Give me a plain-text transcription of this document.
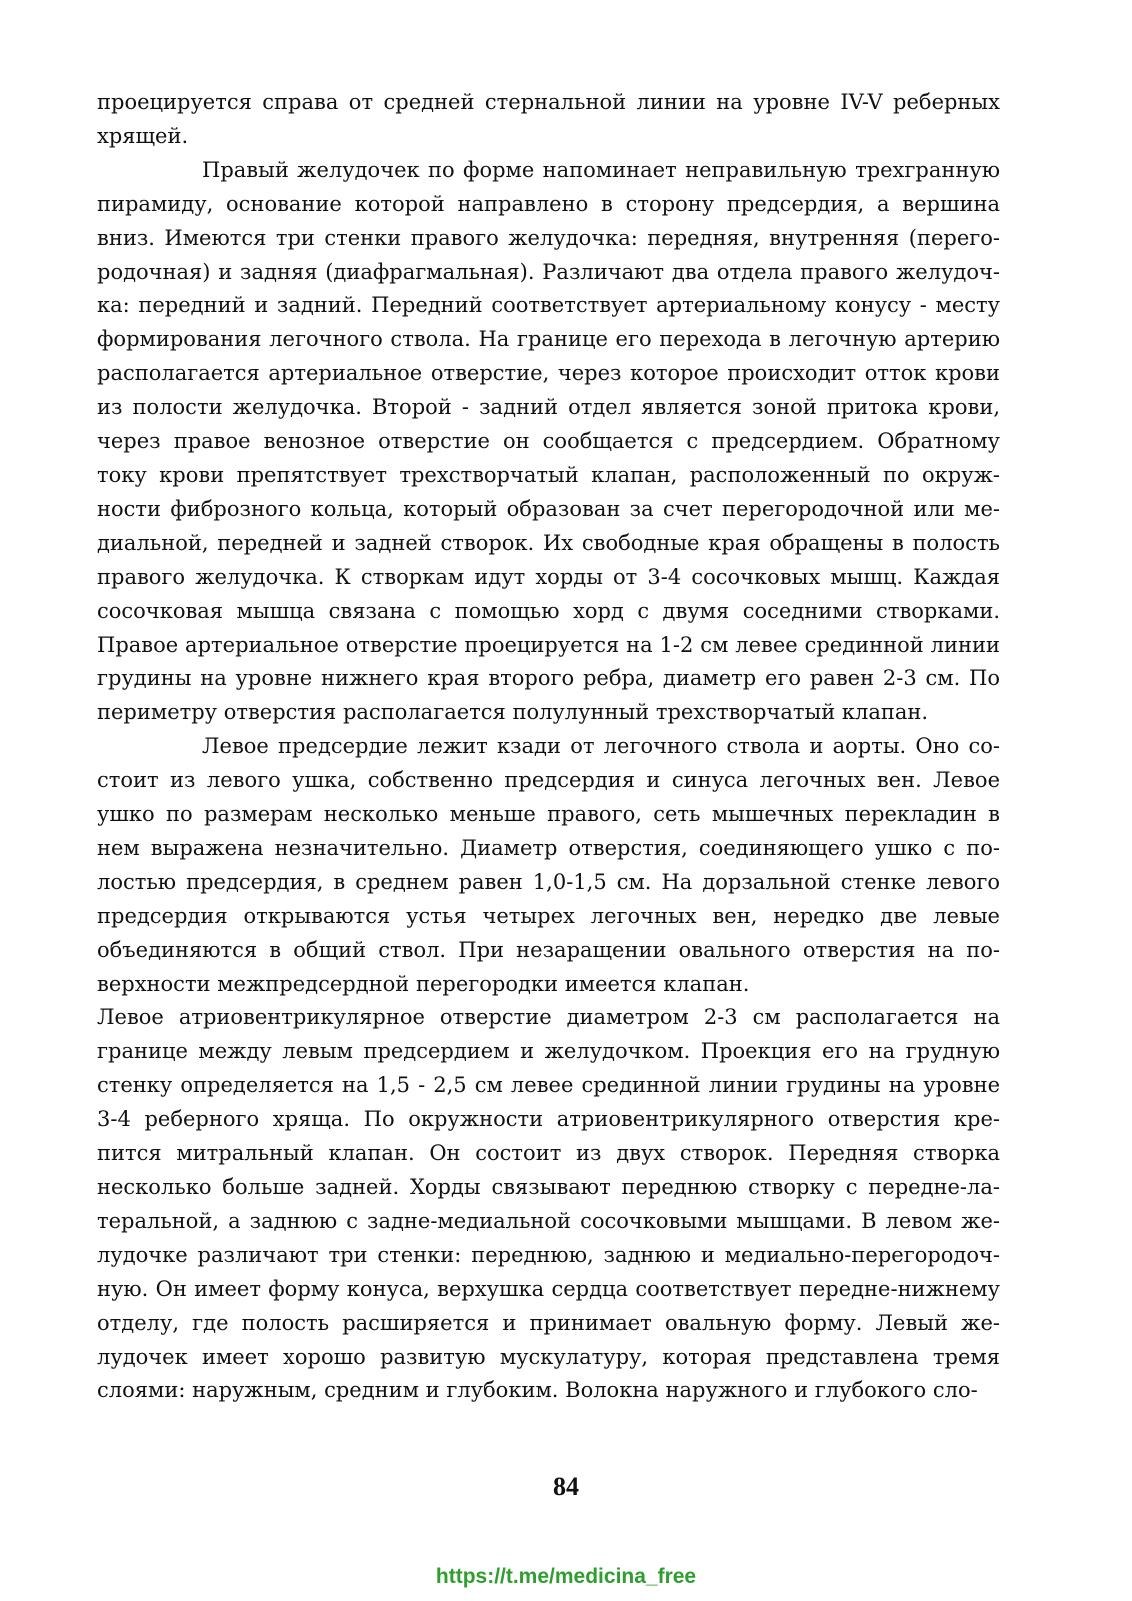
проецируется справа от средней стернальной линии на уровне IV-V реберных хрящей.

Правый желудочек по форме напоминает неправильную трехгранную пирамиду, основание которой направлено в сторону предсердия, а вершина вниз. Имеются три стенки правого желудочка: передняя, внутренняя (перегородочная) и задняя (диафрагмальная). Различают два отдела правого желудочка: передний и задний. Передний соответствует артериальному конусу - месту формирования легочного ствола. На границе его перехода в легочную артерию располагается артериальное отверстие, через которое происходит отток крови из полости желудочка. Второй - задний отдел является зоной притока крови, через правое венозное отверстие он сообщается с предсердием. Обратному току крови препятствует трехстворчатый клапан, расположенный по окружности фиброзного кольца, который образован за счет перегородочной или медиальной, передней и задней створок. Их свободные края обращены в полость правого желудочка. К створкам идут хорды от 3-4 сосочковых мышц. Каждая сосочковая мышца связана с помощью хорд с двумя соседними створками. Правое артериальное отверстие проецируется на 1-2 см левее срединной линии грудины на уровне нижнего края второго ребра, диаметр его равен 2-3 см. По периметру отверстия располагается полулунный трехстворчатый клапан.

Левое предсердие лежит кзади от легочного ствола и аорты. Оно состоит из левого ушка, собственно предсердия и синуса легочных вен. Левое ушко по размерам несколько меньше правого, сеть мышечных перекладин в нем выражена незначительно. Диаметр отверстия, соединяющего ушко с полостью предсердия, в среднем равен 1,0-1,5 см. На дорзальной стенке левого предсердия открываются устья четырех легочных вен, нередко две левые объединяются в общий ствол. При незаращении овального отверстия на поверхности межпредсердной перегородки имеется клапан.

Левое атриовентрикулярное отверстие диаметром 2-3 см располагается на границе между левым предсердием и желудочком. Проекция его на грудную стенку определяется на 1,5 - 2,5 см левее срединной линии грудины на уровне 3-4 реберного хряща. По окружности атриовентрикулярного отверстия крепится митральный клапан. Он состоит из двух створок. Передняя створка несколько больше задней. Хорды связывают переднюю створку с передне-латеральной, а заднюю с задне-медиальной сосочковыми мышцами. В левом желудочке различают три стенки: переднюю, заднюю и медиально-перегородочную. Он имеет форму конуса, верхушка сердца соответствует передне-нижнему отделу, где полость расширяется и принимает овальную форму. Левый желудочек имеет хорошо развитую мускулатуру, которая представлена тремя слоями: наружным, средним и глубоким. Волокна наружного и глубокого сло-

84
https://t.me/medicina_free
